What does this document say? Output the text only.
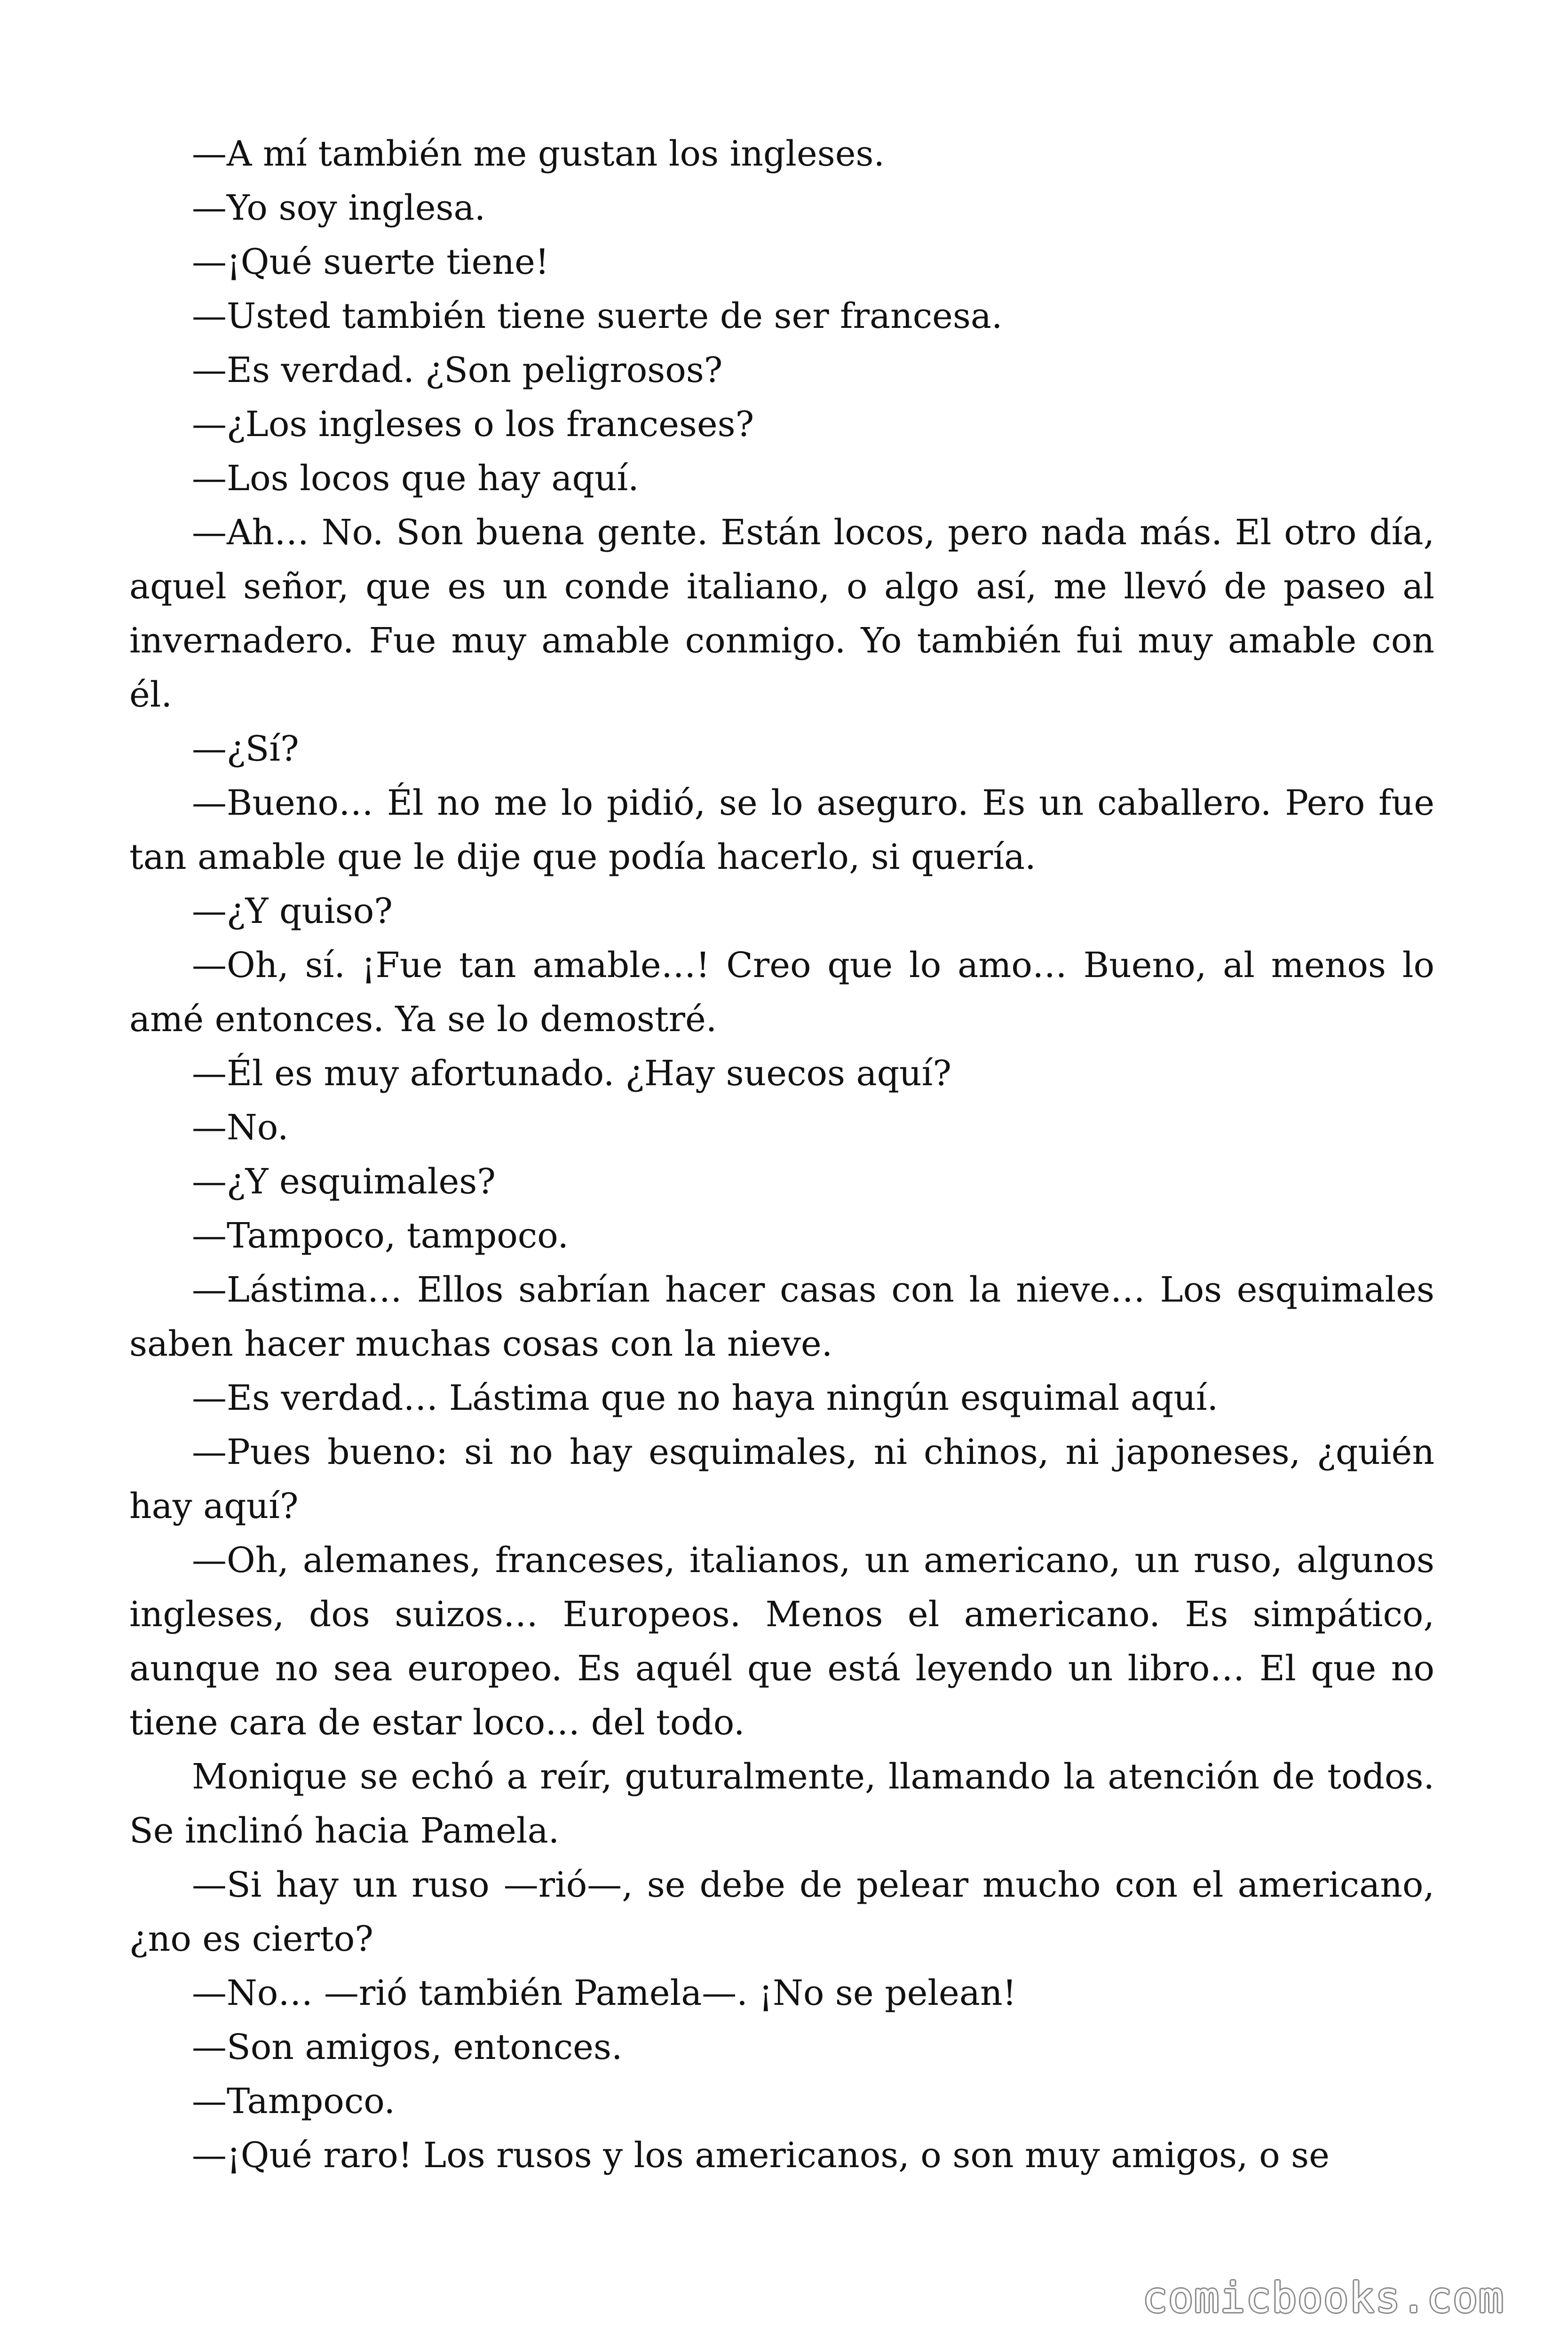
—A mí también me gustan los ingleses.

—Yo soy inglesa.

—¡Qué suerte tiene!

—Usted también tiene suerte de ser francesa.

—Es verdad. ¿Son peligrosos?

—¿Los ingleses o los franceses?

—Los locos que hay aquí.

—Ah… No. Son buena gente. Están locos, pero nada más. El otro día, aquel señor, que es un conde italiano, o algo así, me llevó de paseo al invernadero. Fue muy amable conmigo. Yo también fui muy amable con él.

—¿Sí?

—Bueno… Él no me lo pidió, se lo aseguro. Es un caballero. Pero fue tan amable que le dije que podía hacerlo, si quería.

—¿Y quiso?

—Oh, sí. ¡Fue tan amable…! Creo que lo amo… Bueno, al menos lo amé entonces. Ya se lo demostré.

—Él es muy afortunado. ¿Hay suecos aquí?

—No.

—¿Y esquimales?

—Tampoco, tampoco.

—Lástima… Ellos sabrían hacer casas con la nieve… Los esquimales saben hacer muchas cosas con la nieve.

—Es verdad… Lástima que no haya ningún esquimal aquí.

—Pues bueno: si no hay esquimales, ni chinos, ni japoneses, ¿quién hay aquí?

—Oh, alemanes, franceses, italianos, un americano, un ruso, algunos ingleses, dos suizos… Europeos. Menos el americano. Es simpático, aunque no sea europeo. Es aquél que está leyendo un libro… El que no tiene cara de estar loco… del todo.

Monique se echó a reír, guturalmente, llamando la atención de todos. Se inclinó hacia Pamela.

—Si hay un ruso —rió—, se debe de pelear mucho con el americano, ¿no es cierto?

—No… —rió también Pamela—. ¡No se pelean!

—Son amigos, entonces.

—Tampoco.

—¡Qué raro! Los rusos y los americanos, o son muy amigos, o se

comicbooks.com
